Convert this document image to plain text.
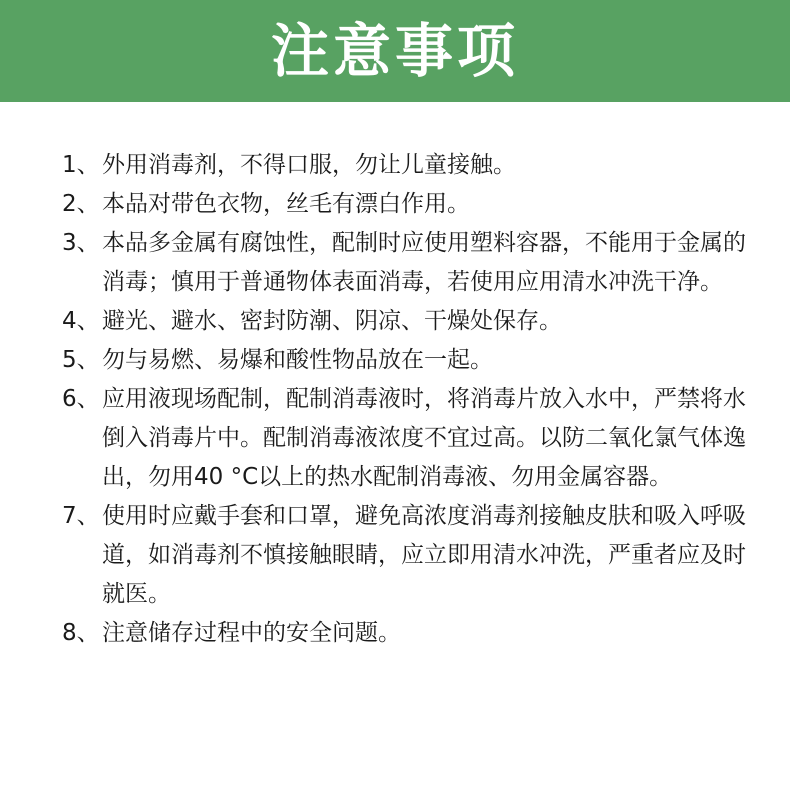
注意事项
1、 外用消毒剂，不得口服，勿让儿童接触。
2、 本品对带色衣物，丝毛有漂白作用。
3、 本品多金属有腐蚀性，配制时应使用塑料容器，不能用于金属的消毒；慎用于普通物体表面消毒，若使用应用清水冲洗干净。
4、 避光、避水、密封防潮、阴凉、干燥处保存。
5、 勿与易燃、易爆和酸性物品放在一起。
6、 应用液现场配制，配制消毒液时，将消毒片放入水中，严禁将水倒入消毒片中。配制消毒液浓度不宜过高。以防二氧化氯气体逸出，勿用40 °C以上的热水配制消毒液、勿用金属容器。
7、 使用时应戴手套和口罩，避免高浓度消毒剂接触皮肤和吸入呼吸道，如消毒剂不慎接触眼睛，应立即用清水冲洗，严重者应及时就医。
8、 注意储存过程中的安全问题。
